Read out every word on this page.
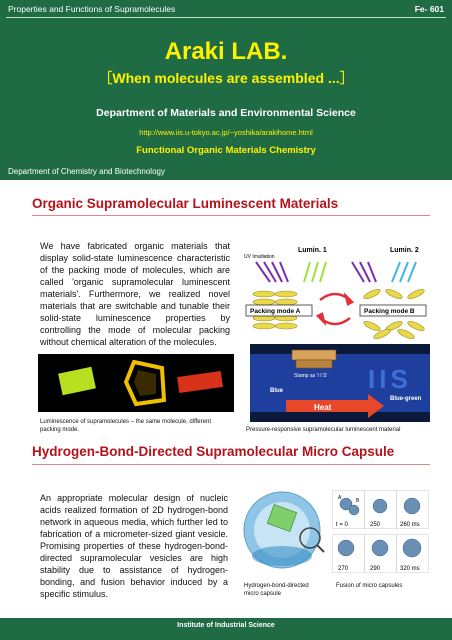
Properties and Functions of Supramolecules	Fe- 601
Araki LAB.
［When molecules are assembled ...］
Department of Materials and Environmental Science
http://www.iis.u-tokyo.ac.jp/~yoshika/arakihome.html
Functional Organic Materials Chemistry
Department of Chemistry and Biotechnology
Organic Supramolecular Luminescent Materials
We have fabricated organic materials that display solid-state luminescence characteristic of the packing mode of molecules, which are called 'organic supramolecular luminescent materials'. Furthermore, we realized novel materials that are switchable and tunable their solid-state luminescence properties by controlling the mode of molecular packing without chemical alteration of the molecules.
Lumin. 1	Lumin. 2
UV Irradiation
Packing mode A	Packing mode B
Luminescence of supramolecules – the same molecule, different packing mode.
IIS
Stamp as 'I I S'
Blue
Heat
Blue-green
Pressure-responsive supramolecular luminescent material
Hydrogen-Bond-Directed Supramolecular Micro Capsule
An appropriate molecular design of nucleic acids realized formation of 2D hydrogen-bond network in aqueous media, which further led to fabrication of a micrometer-sized giant vesicle. Promising properties of these hydrogen-bond-directed supramolecular vesicles are high stability due to assistance of hydrogen-bonding, and fusion behavior induced by a specific stimulus.
Hydrogen-bond-directed micro capsule
A	B
t = 0	250	260 ms
270	290	320 ms
Fusion of micro capsules
Institute of Industrial Science
